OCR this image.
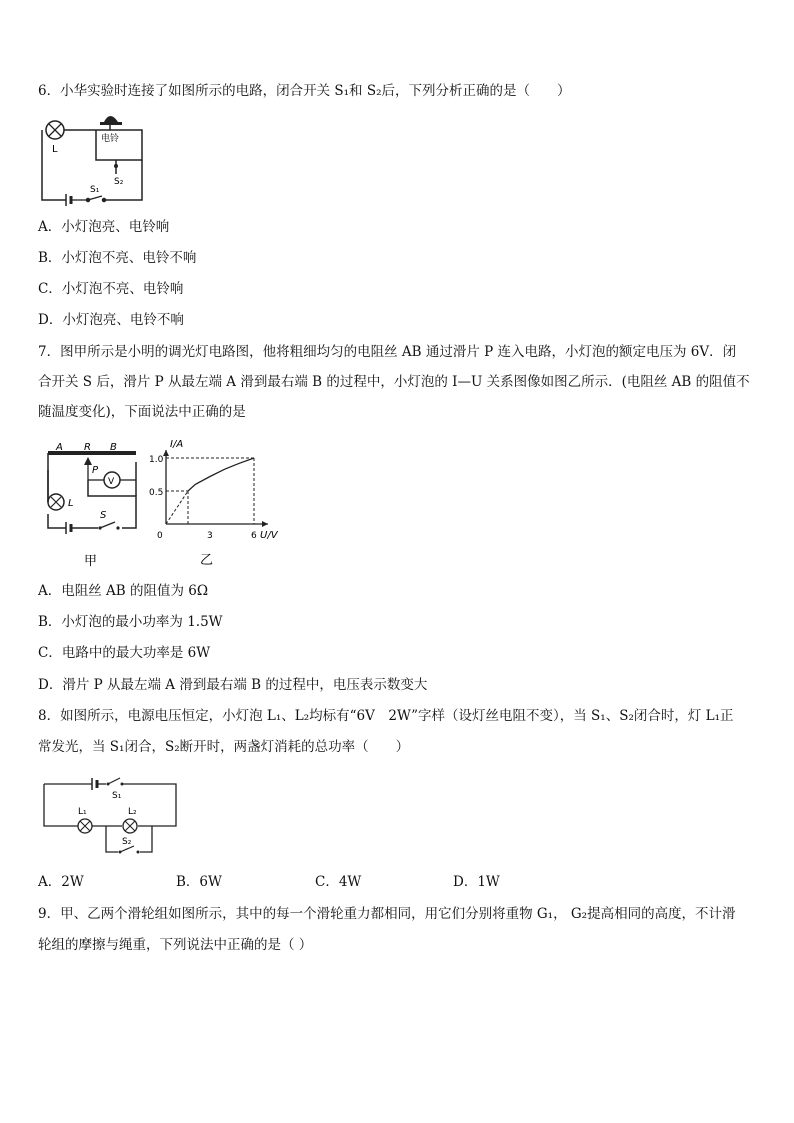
6．小华实验时连接了如图所示的电路，闭合开关 S₁和 S₂后，下列分析正确的是（　　）
L
电铃
S₂
S₁
A．小灯泡亮、电铃响
B．小灯泡不亮、电铃不响
C．小灯泡不亮、电铃响
D．小灯泡亮、电铃不响
7．图甲所示是小明的调光灯电路图，他将粗细均匀的电阻丝 AB 通过滑片 P 连入电路，小灯泡的额定电压为 6V．闭
合开关 S 后，滑片 P 从最左端 A 滑到最右端 B 的过程中，小灯泡的 I—U 关系图像如图乙所示．(电阻丝 AB 的阻值不
随温度变化)，下面说法中正确的是
A R B
P
V
L
S
甲
I/A
U/V
1.0
0.5
0	3	6
乙
A．电阻丝 AB 的阻值为 6Ω
B．小灯泡的最小功率为 1.5W
C．电路中的最大功率是 6W
D．滑片 P 从最左端 A 滑到最右端 B 的过程中，电压表示数变大
8．如图所示，电源电压恒定，小灯泡 L₁、L₂均标有“6V　2W”字样（设灯丝电阻不变），当 S₁、S₂闭合时，灯 L₁正
常发光，当 S₁闭合，S₂断开时，两盏灯消耗的总功率（　　）
S₁
L₁	L₂
S₂
A．2W	B．6W	C．4W	D．1W
9．甲、乙两个滑轮组如图所示，其中的每一个滑轮重力都相同，用它们分别将重物 G₁， G₂提高相同的高度，不计滑
轮组的摩擦与绳重，下列说法中正确的是（ ）
